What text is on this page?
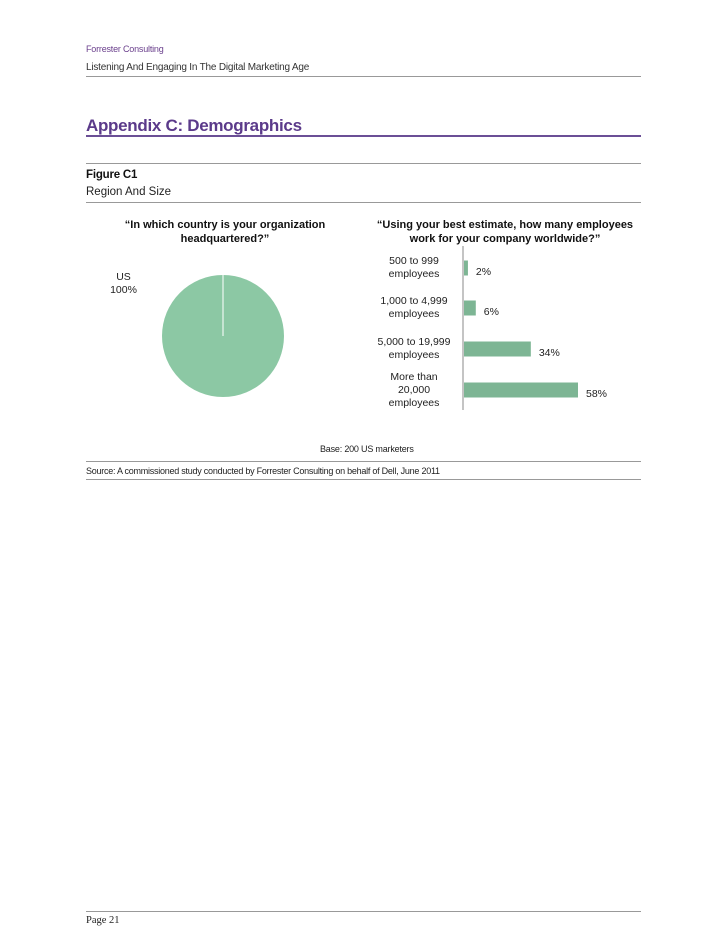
Forrester Consulting
Listening And Engaging In The Digital Marketing Age
Appendix C: Demographics
Figure C1
Region And Size
“In which country is your organization
headquartered?”
US
100%
“Using your best estimate, how many employees
work for your company worldwide?”
500 to 999
employees
1,000 to 4,999
employees
5,000 to 19,999
employees
More than
20,000
employees
2%
6%
34%
58%
Base: 200 US marketers
Source: A commissioned study conducted by Forrester Consulting on behalf of Dell, June 2011
Page 21
